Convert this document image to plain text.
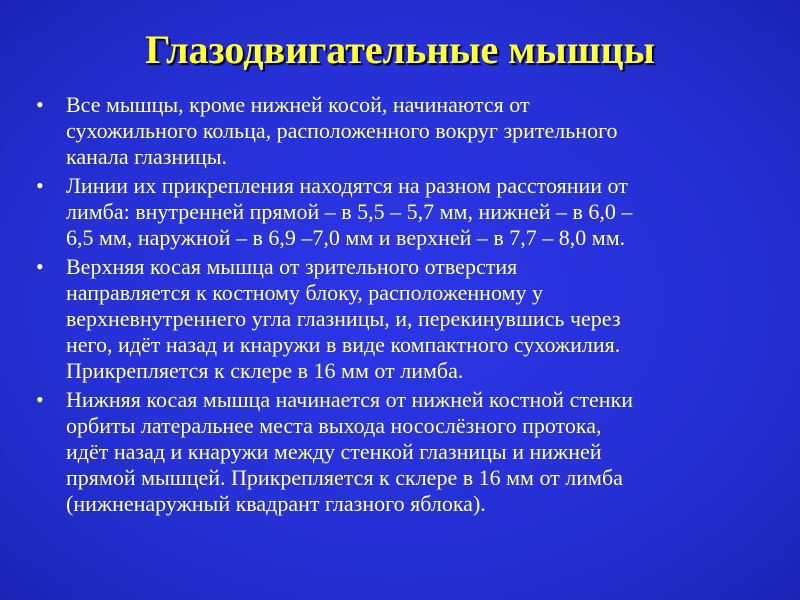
Глазодвигательные мышцы
• Все мышцы, кроме нижней косой, начинаются от
сухожильного кольца, расположенного вокруг зрительного
канала глазницы.
• Линии их прикрепления находятся на разном расстоянии от
лимба: внутренней прямой – в 5,5 – 5,7 мм, нижней – в 6,0 –
6,5 мм, наружной – в 6,9 –7,0 мм и верхней – в 7,7 – 8,0 мм.
• Верхняя косая мышца от зрительного отверстия
направляется к костному блоку, расположенному у
верхневнутреннего угла глазницы, и, перекинувшись через
него, идёт назад и кнаружи в виде компактного сухожилия.
Прикрепляется к склере в 16 мм от лимба.
• Нижняя косая мышца начинается от нижней костной стенки
орбиты латеральнее места выхода носослёзного протока,
идёт назад и кнаружи между стенкой глазницы и нижней
прямой мышцей. Прикрепляется к склере в 16 мм от лимба
(нижненаружный квадрант глазного яблока).
